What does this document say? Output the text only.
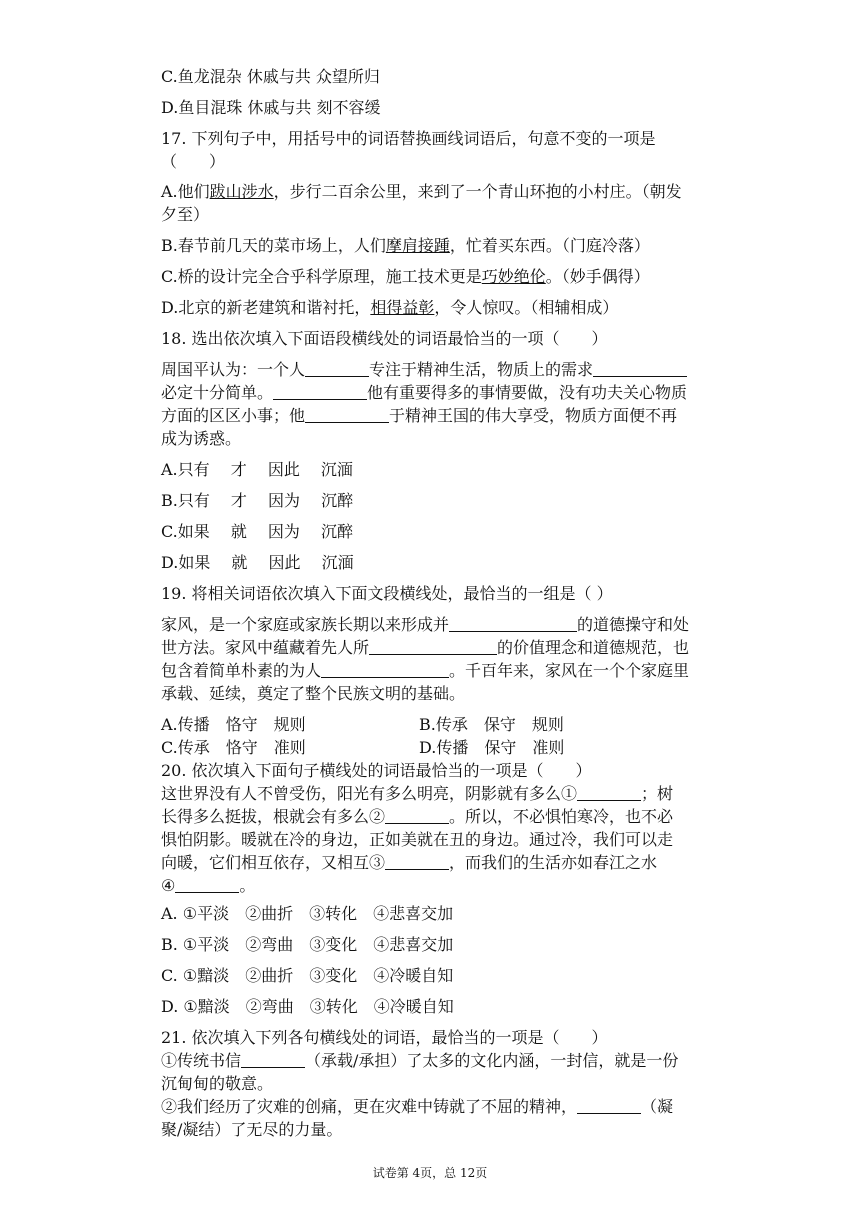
C.鱼龙混杂 休戚与共 众望所归
D.鱼目混珠 休戚与共 刻不容缓
17. 下列句子中，用括号中的词语替换画线词语后，句意不变的一项是
（　　）
A.他们跋山涉水，步行二百余公里，来到了一个青山环抱的小村庄。（朝发
夕至）
B.春节前几天的菜市场上，人们摩肩接踵，忙着买东西。（门庭冷落）
C.桥的设计完全合乎科学原理，施工技术更是巧妙绝伦。（妙手偶得）
D.北京的新老建筑和谐衬托，相得益彰，令人惊叹。（相辅相成）
18. 选出依次填入下面语段横线处的词语最恰当的一项（　　）
周国平认为：一个人	专注于精神生活，物质上的需求
必定十分简单。	他有重要得多的事情要做，没有功夫关心物质
方面的区区小事；他	于精神王国的伟大享受，物质方面便不再
成为诱惑。
A.只有　 才　 因此　 沉湎
B.只有　 才　 因为　 沉醉
C.如果　 就　 因为　 沉醉
D.如果　 就　 因此　 沉湎
19. 将相关词语依次填入下面文段横线处，最恰当的一组是（ ）
家风，是一个家庭或家族长期以来形成并	的道德操守和处
世方法。家风中蕴藏着先人所	的价值理念和道德规范，也
包含着简单朴素的为人	。千百年来，家风在一个个家庭里
承载、延续，奠定了整个民族文明的基础。
A.传播　恪守　规则	B.传承　保守　规则
C.传承　恪守　准则	D.传播　保守　准则
20. 依次填入下面句子横线处的词语最恰当的一项是（　　）
这世界没有人不曾受伤，阳光有多么明亮，阴影就有多么①	；树
长得多么挺拔，根就会有多么②	。所以，不必惧怕寒冷，也不必
惧怕阴影。暖就在冷的身边，正如美就在丑的身边。通过冷，我们可以走
向暖，它们相互依存，又相互③	，而我们的生活亦如春江之水
④	。
A. ①平淡　②曲折　③转化　④悲喜交加
B. ①平淡　②弯曲　③变化　④悲喜交加
C. ①黯淡　②曲折　③变化　④冷暖自知
D. ①黯淡　②弯曲　③转化　④冷暖自知
21. 依次填入下列各句横线处的词语，最恰当的一项是（　　）
①传统书信	（承载/承担）了太多的文化内涵，一封信，就是一份
沉甸甸的敬意。
②我们经历了灾难的创痛，更在灾难中铸就了不屈的精神，	（凝
聚/凝结）了无尽的力量。
试卷第 4页，总 12页
